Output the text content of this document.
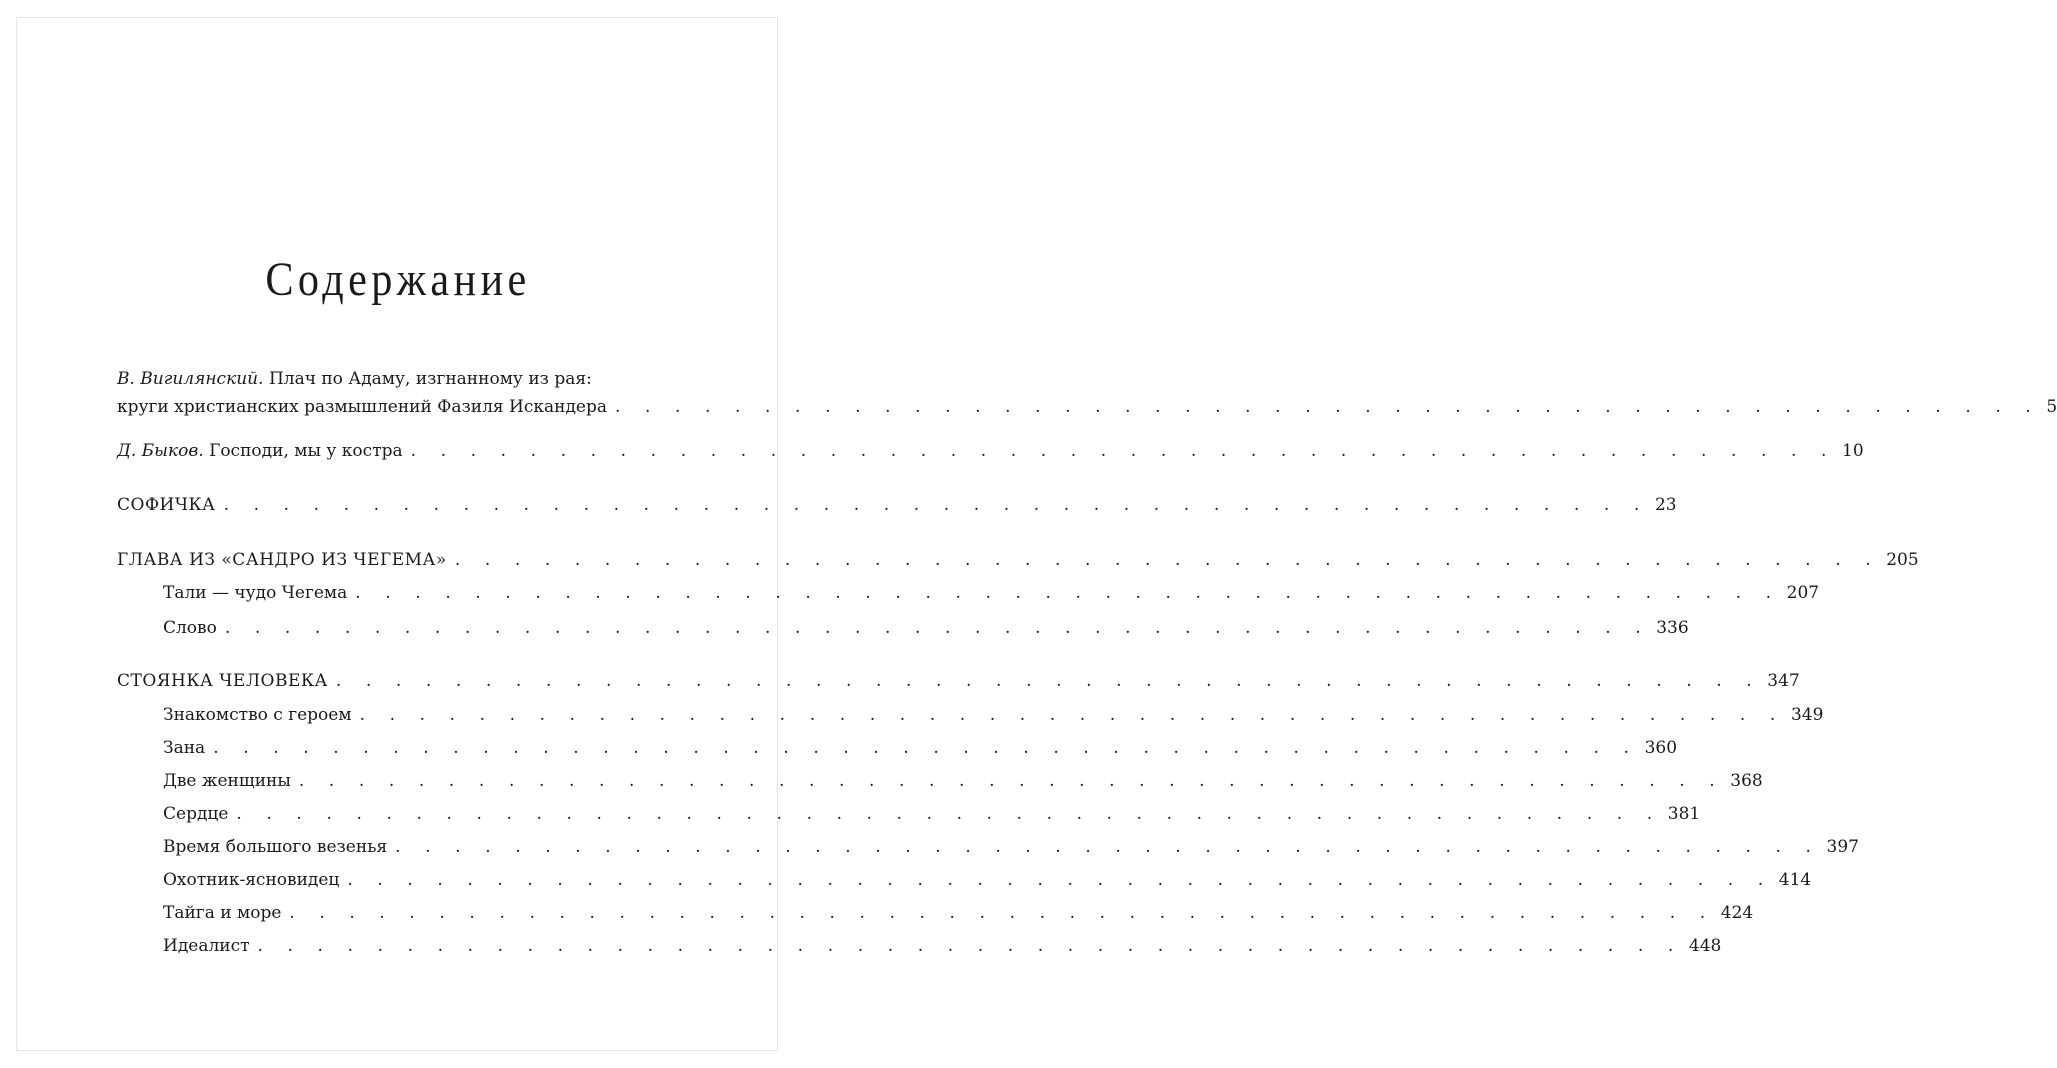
Содержание
В. Вигилянский. Плач по Адаму, изгнанному из рая:
круги христианских размышлений Фазиля Искандера . . . . . . . . . . . . . . . . . . . . . . . . . . . . . . . . . . . . . . . . . . . . . . . . 5
Д. Быков. Господи, мы у костра . . . . . . . . . . . . . . . . . . . . . . . . . . . . . . . . . . . . . . . . . . . . . . . . 10
СОФИЧКА . . . . . . . . . . . . . . . . . . . . . . . . . . . . . . . . . . . . . . . . . . . . . . . . 23
ГЛАВА ИЗ «САНДРО ИЗ ЧЕГЕМА» . . . . . . . . . . . . . . . . . . . . . . . . . . . . . . . . . . . . . . . . . . . . . . . . 205
Тали — чудо Чегема . . . . . . . . . . . . . . . . . . . . . . . . . . . . . . . . . . . . . . . . . . . . . . . . 207
Слово . . . . . . . . . . . . . . . . . . . . . . . . . . . . . . . . . . . . . . . . . . . . . . . . 336
СТОЯНКА ЧЕЛОВЕКА . . . . . . . . . . . . . . . . . . . . . . . . . . . . . . . . . . . . . . . . . . . . . . . . 347
Знакомство с героем . . . . . . . . . . . . . . . . . . . . . . . . . . . . . . . . . . . . . . . . . . . . . . . . 349
Зана . . . . . . . . . . . . . . . . . . . . . . . . . . . . . . . . . . . . . . . . . . . . . . . . 360
Две женщины . . . . . . . . . . . . . . . . . . . . . . . . . . . . . . . . . . . . . . . . . . . . . . . . 368
Сердце . . . . . . . . . . . . . . . . . . . . . . . . . . . . . . . . . . . . . . . . . . . . . . . . 381
Время большого везенья . . . . . . . . . . . . . . . . . . . . . . . . . . . . . . . . . . . . . . . . . . . . . . . . 397
Охотник-ясновидец . . . . . . . . . . . . . . . . . . . . . . . . . . . . . . . . . . . . . . . . . . . . . . . . 414
Тайга и море . . . . . . . . . . . . . . . . . . . . . . . . . . . . . . . . . . . . . . . . . . . . . . . . 424
Идеалист . . . . . . . . . . . . . . . . . . . . . . . . . . . . . . . . . . . . . . . . . . . . . . . . 448
